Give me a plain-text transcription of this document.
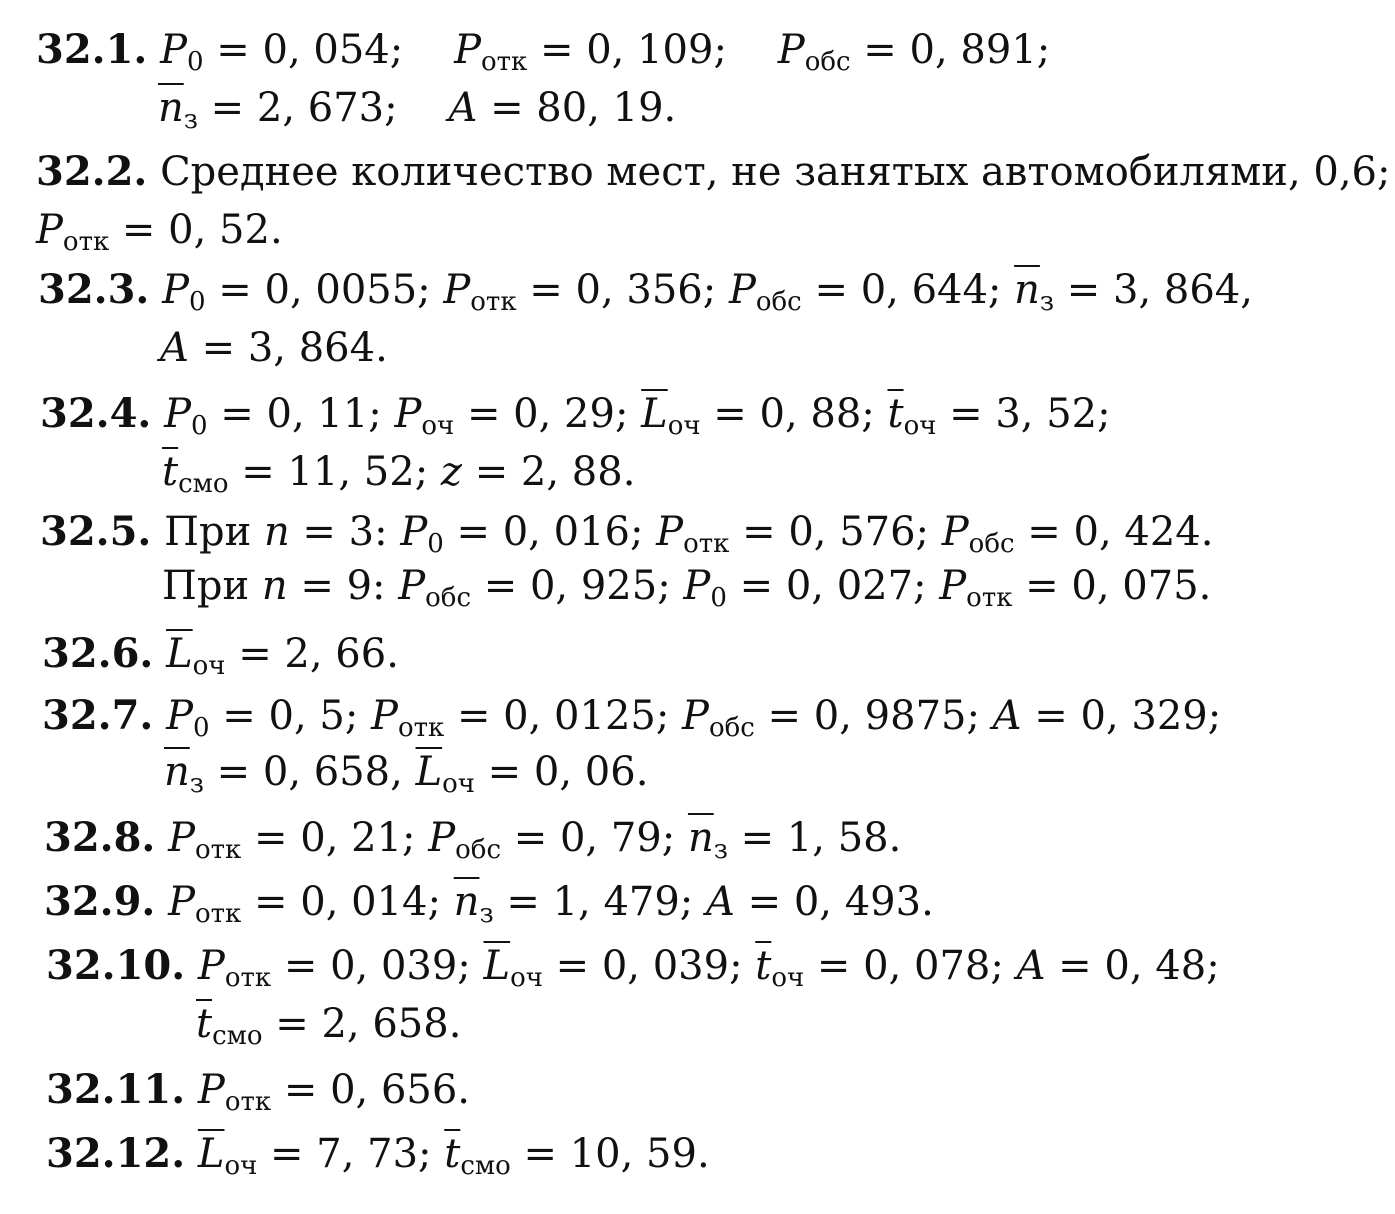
32.1. $P_0 = 0$, 054;    $P_{отк} = 0$, 109;    $P_{обс} = 0$, 891;
$\overline{n}_з = 2$, 673;    A = 80, 19.
32.2. Среднее количество мест, не занятых автомобилями, 0,6;
$P_{отк} = 0$, 52.
32.3. $P_0 = 0$, 0055; $P_{отк} = 0$, 356; $P_{обс} = 0$, 644; $\overline{n}_з = 3$, 864,
A = 3, 864.
32.4. $P_0 = 0$, 11; $P_{оч} = 0$, 29; $\overline{L}_{оч} = 0$, 88; $\overline{t}_{оч} = 3$, 52;
$\overline{t}_{смо} = 11$, 52; z = 2, 88.
32.5. При n = 3: $P_0 = 0$, 016; $P_{отк} = 0$, 576; $P_{обс} = 0$, 424.
При n = 9: $P_{обс} = 0$, 925; $P_0 = 0$, 027; $P_{отк} = 0$, 075.
32.6. $\overline{L}_{оч} = 2$, 66.
32.7. $P_0 = 0$, 5; $P_{отк} = 0$, 0125; $P_{обс} = 0$, 9875; A = 0, 329;
$\overline{n}_з = 0$, 658, $\overline{L}_{оч} = 0$, 06.
32.8. $P_{отк} = 0$, 21; $P_{обс} = 0$, 79; $\overline{n}_з = 1$, 58.
32.9. $P_{отк} = 0$, 014; $\overline{n}_з = 1$, 479; A = 0, 493.
32.10. $P_{отк} = 0$, 039; $\overline{L}_{оч} = 0$, 039; $\overline{t}_{оч} = 0$, 078; A = 0, 48;
$\overline{t}_{смо} = 2$, 658.
32.11. $P_{отк} = 0$, 656.
32.12. $\overline{L}_{оч} = 7$, 73; $\overline{t}_{смо} = 10$, 59.
